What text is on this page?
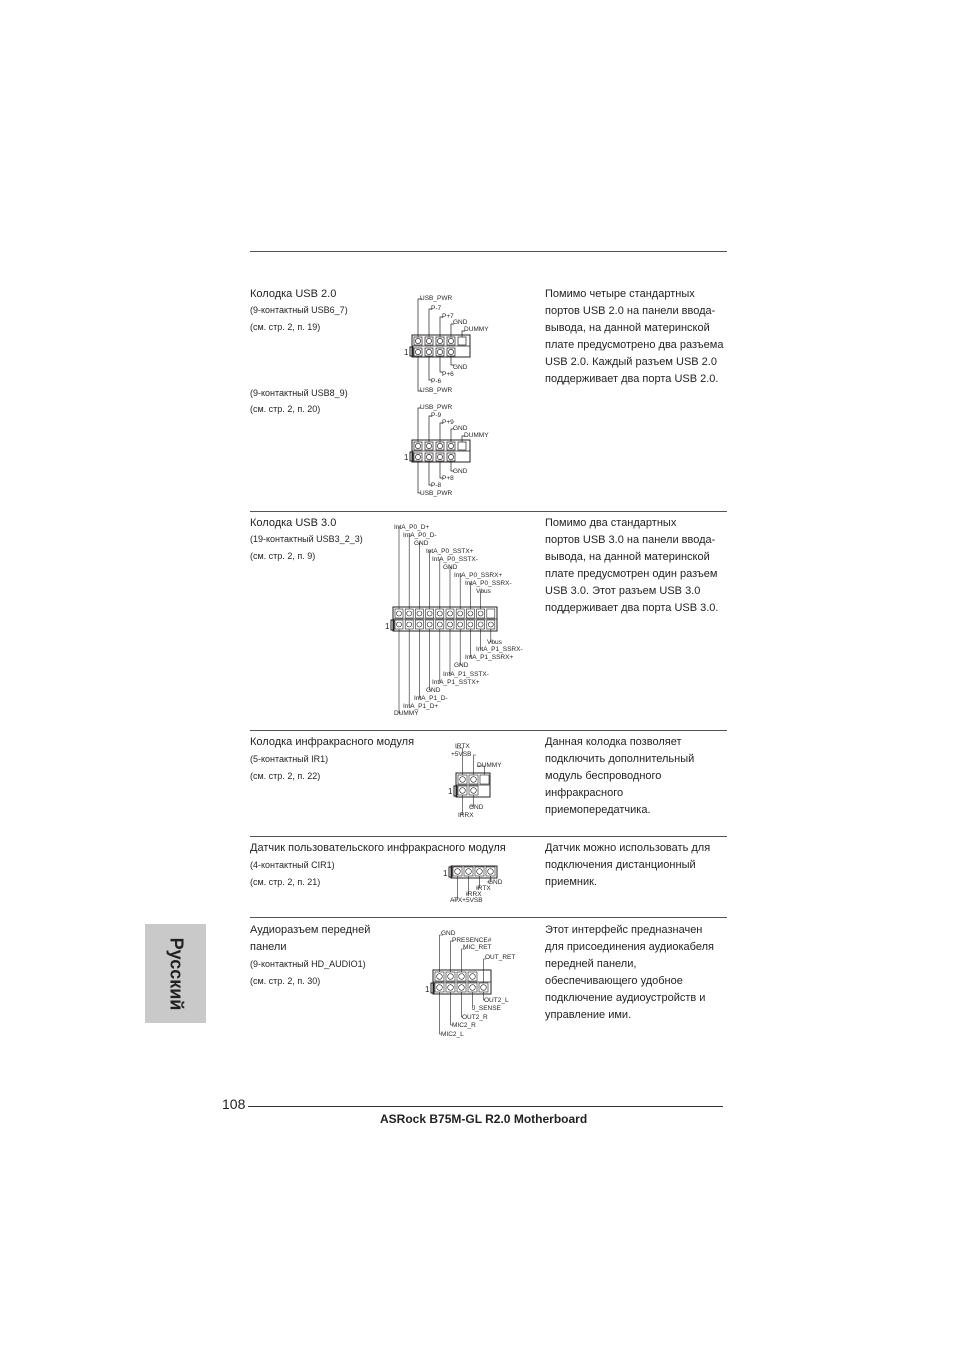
Колодка USB 2.0
(9-контактный USB6_7)
(см. стр. 2, п. 19)
(9-контактный USB8_9)
(см. стр. 2, п. 20)
Помимо четыре стандартных
портов USB 2.0 на панели ввода-
вывода, на данной материнской
плате предусмотрено два разъема
USB 2.0. Каждый разъем USB 2.0
поддерживает два порта USB 2.0.
USB_PWR
P-7
P+7
GND
DUMMY
GND
P+6
P-6
USB_PWR
1
USB_PWR
P-9
P+9
GND
DUMMY
GND
P+8
P-8
USB_PWR
1
Колодка USB 3.0
(19-контактный USB3_2_3)
(см. стр. 2, п. 9)
Помимо два стандартных
портов USB 3.0 на панели ввода-
вывода, на данной материнской
плате предусмотрен один разъем
USB 3.0. Этот разъем USB 3.0
поддерживает два порта USB 3.0.
IntA_P0_D+
IntA_P0_D-
GND
IntA_P0_SSTX+
IntA_P0_SSTX-
GND
IntA_P0_SSRX+
IntA_P0_SSRX-
Vbus
Vbus
IntA_P1_SSRX-
IntA_P1_SSRX+
GND
IntA_P1_SSTX-
IntA_P1_SSTX+
GND
IntA_P1_D-
IntA_P1_D+
DUMMY
1
Колодка инфракрасного модуля
(5-контактный IR1)
(см. стр. 2, п. 22)
Данная колодка позволяет
подключить дополнительный
модуль беспроводного
инфракрасного
приемопередатчика.
IRTX
+5VSB
DUMMY
GND
IRRX
1
Датчик пользовательского инфракрасного модуля
(4-контактный CIR1)
(см. стр. 2, п. 21)
Датчик можно использовать для
подключения дистанционный
приемник.
GND
IRTX
IRRX
ATX+5VSB
1
Аудиоразъем передней
панели
(9-контактный HD_AUDIO1)
(см. стр. 2, п. 30)
Этот интерфейс предназначен
для присоединения аудиокабеля
передней панели,
обеспечивающего удобное
подключение аудиоустройств и
управление ими.
GND
PRESENCE#
MIC_RET
OUT_RET
OUT2_L
J_SENSE
OUT2_R
MIC2_R
MIC2_L
1
Русский
108
ASRock B75M-GL R2.0 Motherboard
